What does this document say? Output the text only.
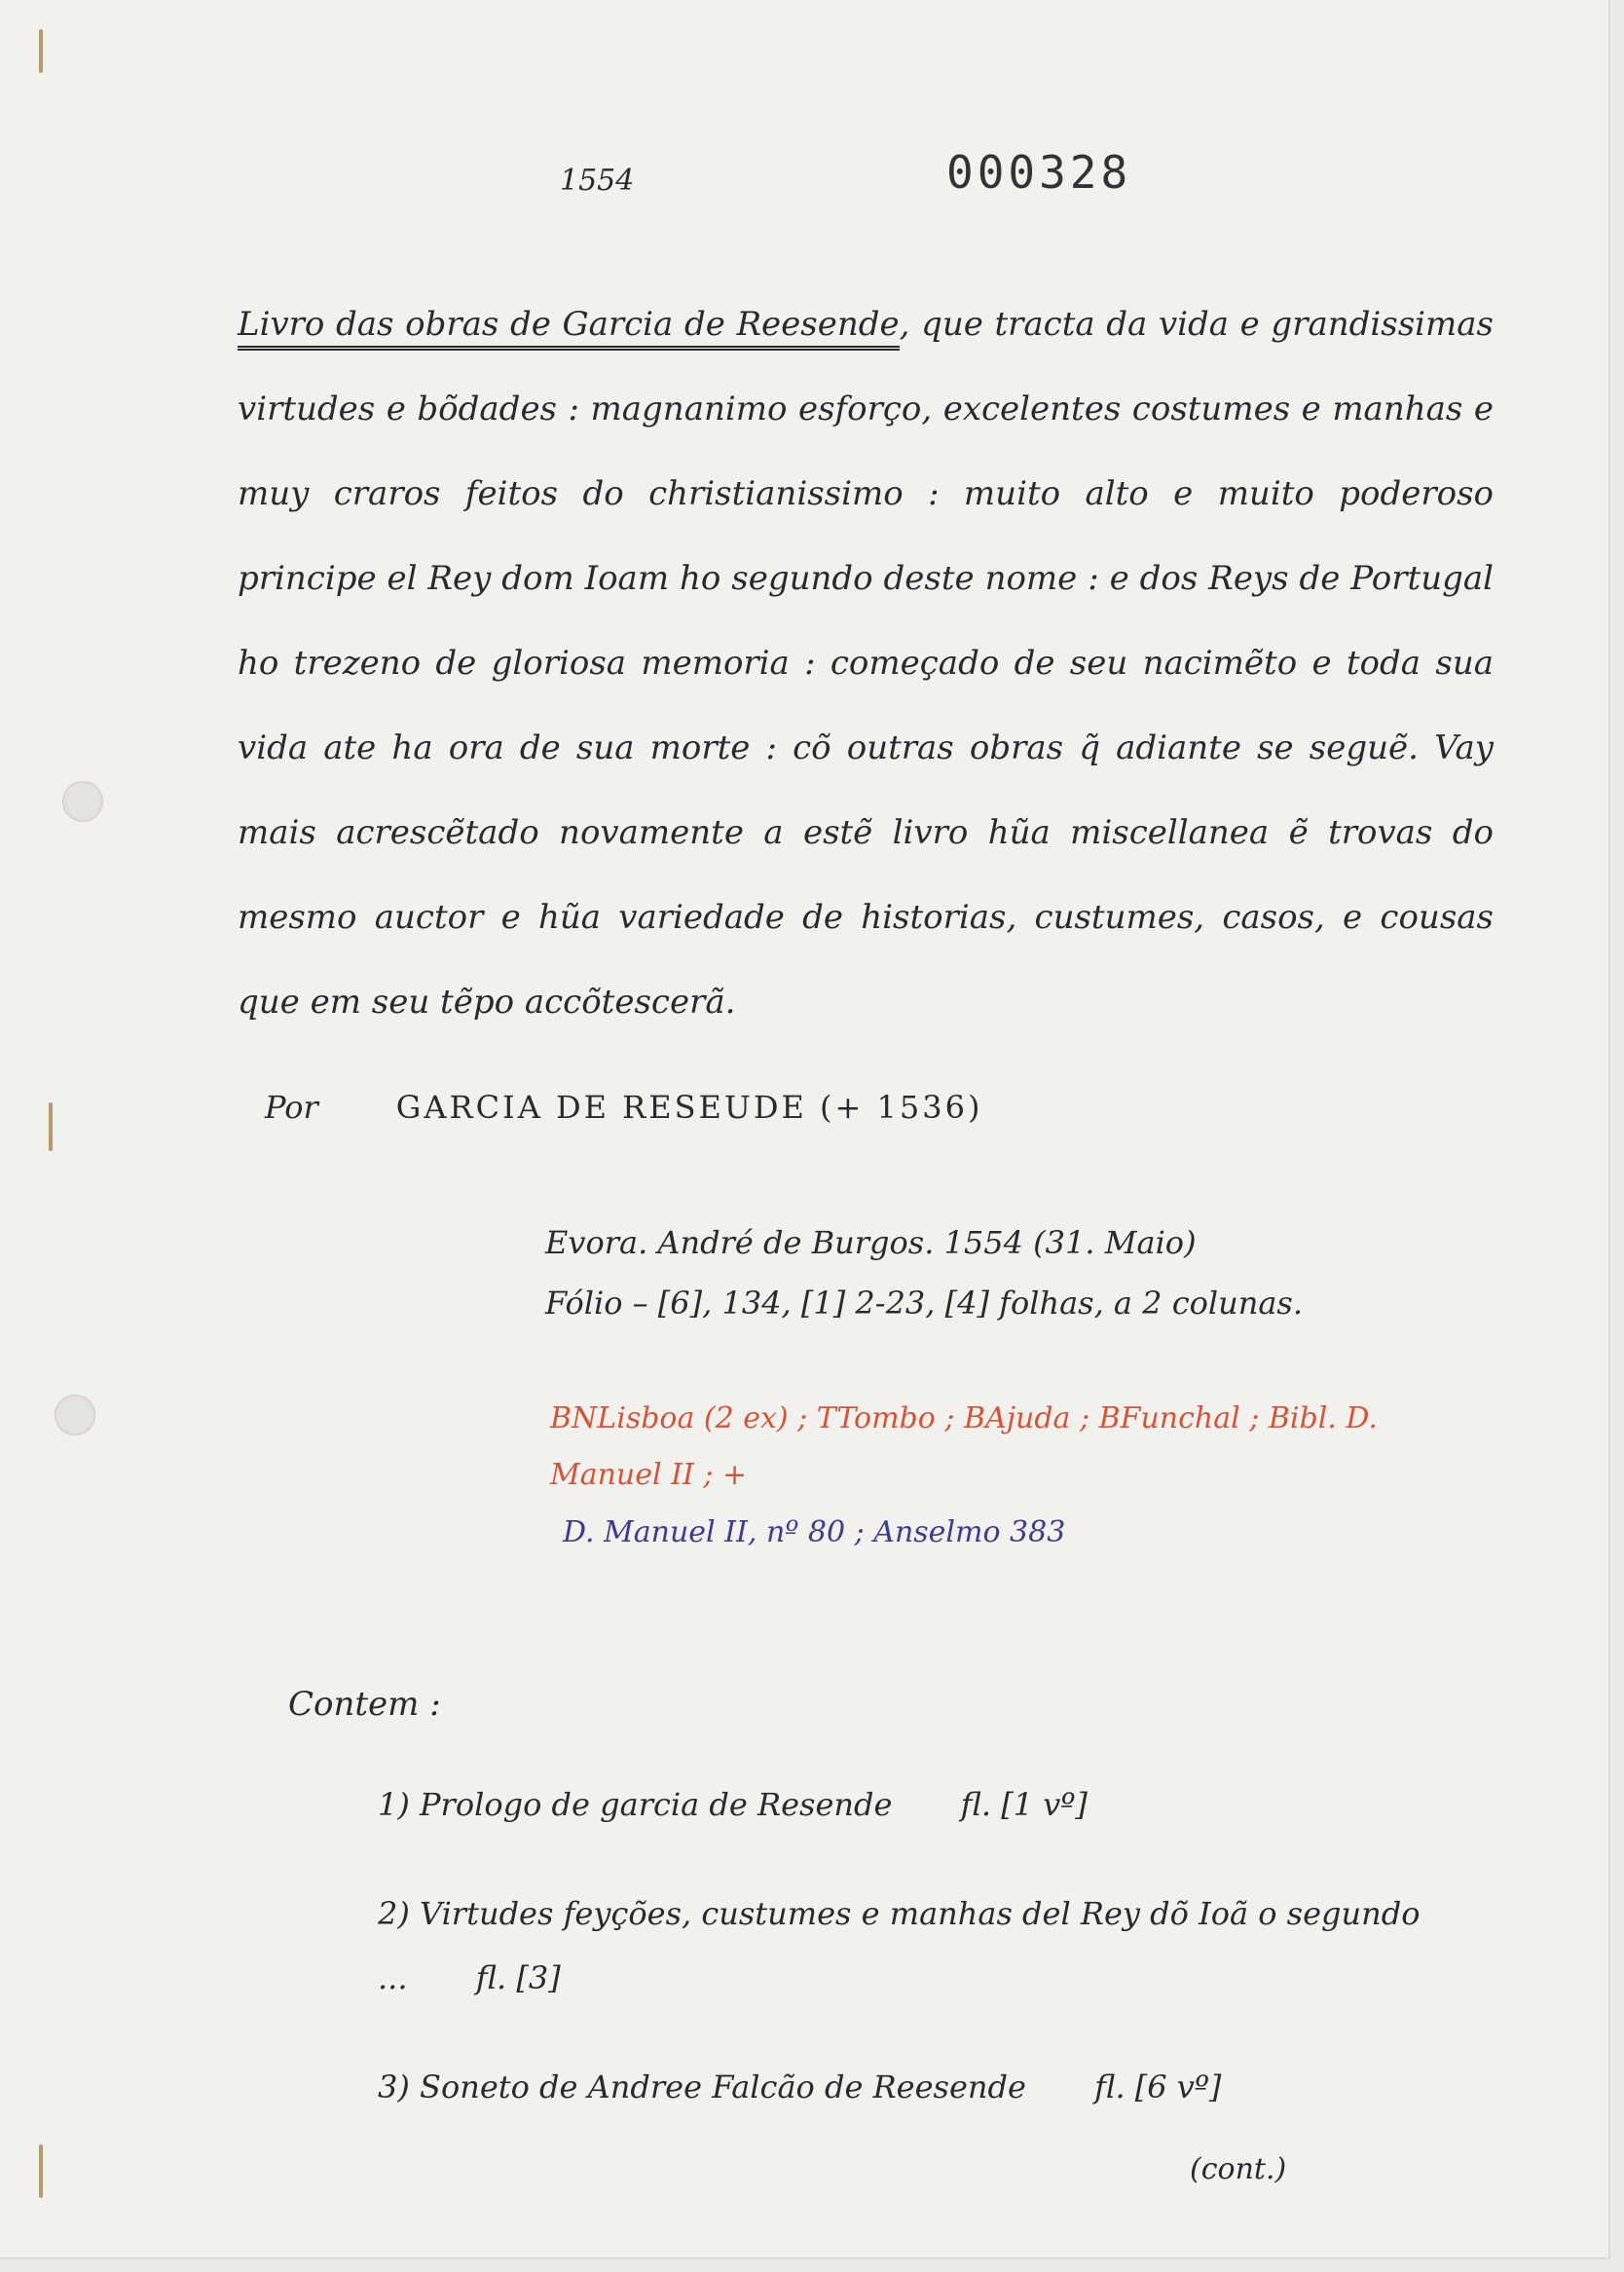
1554	000328
Livro das obras de Garcia de Reesende, que tracta da vida e grandissimas virtudes e bõdades : magnanimo esforço, excelentes costumes e manhas e muy craros feitos do christianissimo : muito alto e muito poderoso principe el Rey dom Ioam ho segundo deste nome : e dos Reys de Portugal ho trezeno de gloriosa memoria : começado de seu nacimẽto e toda sua vida ate ha ora de sua morte : cõ outras obras q̃ adiante se seguẽ. Vay mais acrescẽtado novamente a estẽ livro hũa miscellanea ẽ trovas do mesmo auctor e hũa variedade de historias, custumes, casos, e cousas que em seu tẽpo accõtescerã.
Por	GARCIA DE RESEUDE (+ 1536)
Evora. André de Burgos. 1554 (31. Maio)
Fólio – [6], 134, [1] 2-23, [4] folhas, a 2 colunas.
BNLisboa (2 ex) ; TTombo ; BAjuda ; BFunchal ; Bibl. D. Manuel II ; +
D. Manuel II, nº 80 ; Anselmo 383
Contem :
1) Prologo de garcia de Resende fl. [1 vº]
2) Virtudes feyções, custumes e manhas del Rey dõ Ioã o segundo ... fl. [3]
3) Soneto de Andree Falcão de Reesende fl. [6 vº]
(cont.)
